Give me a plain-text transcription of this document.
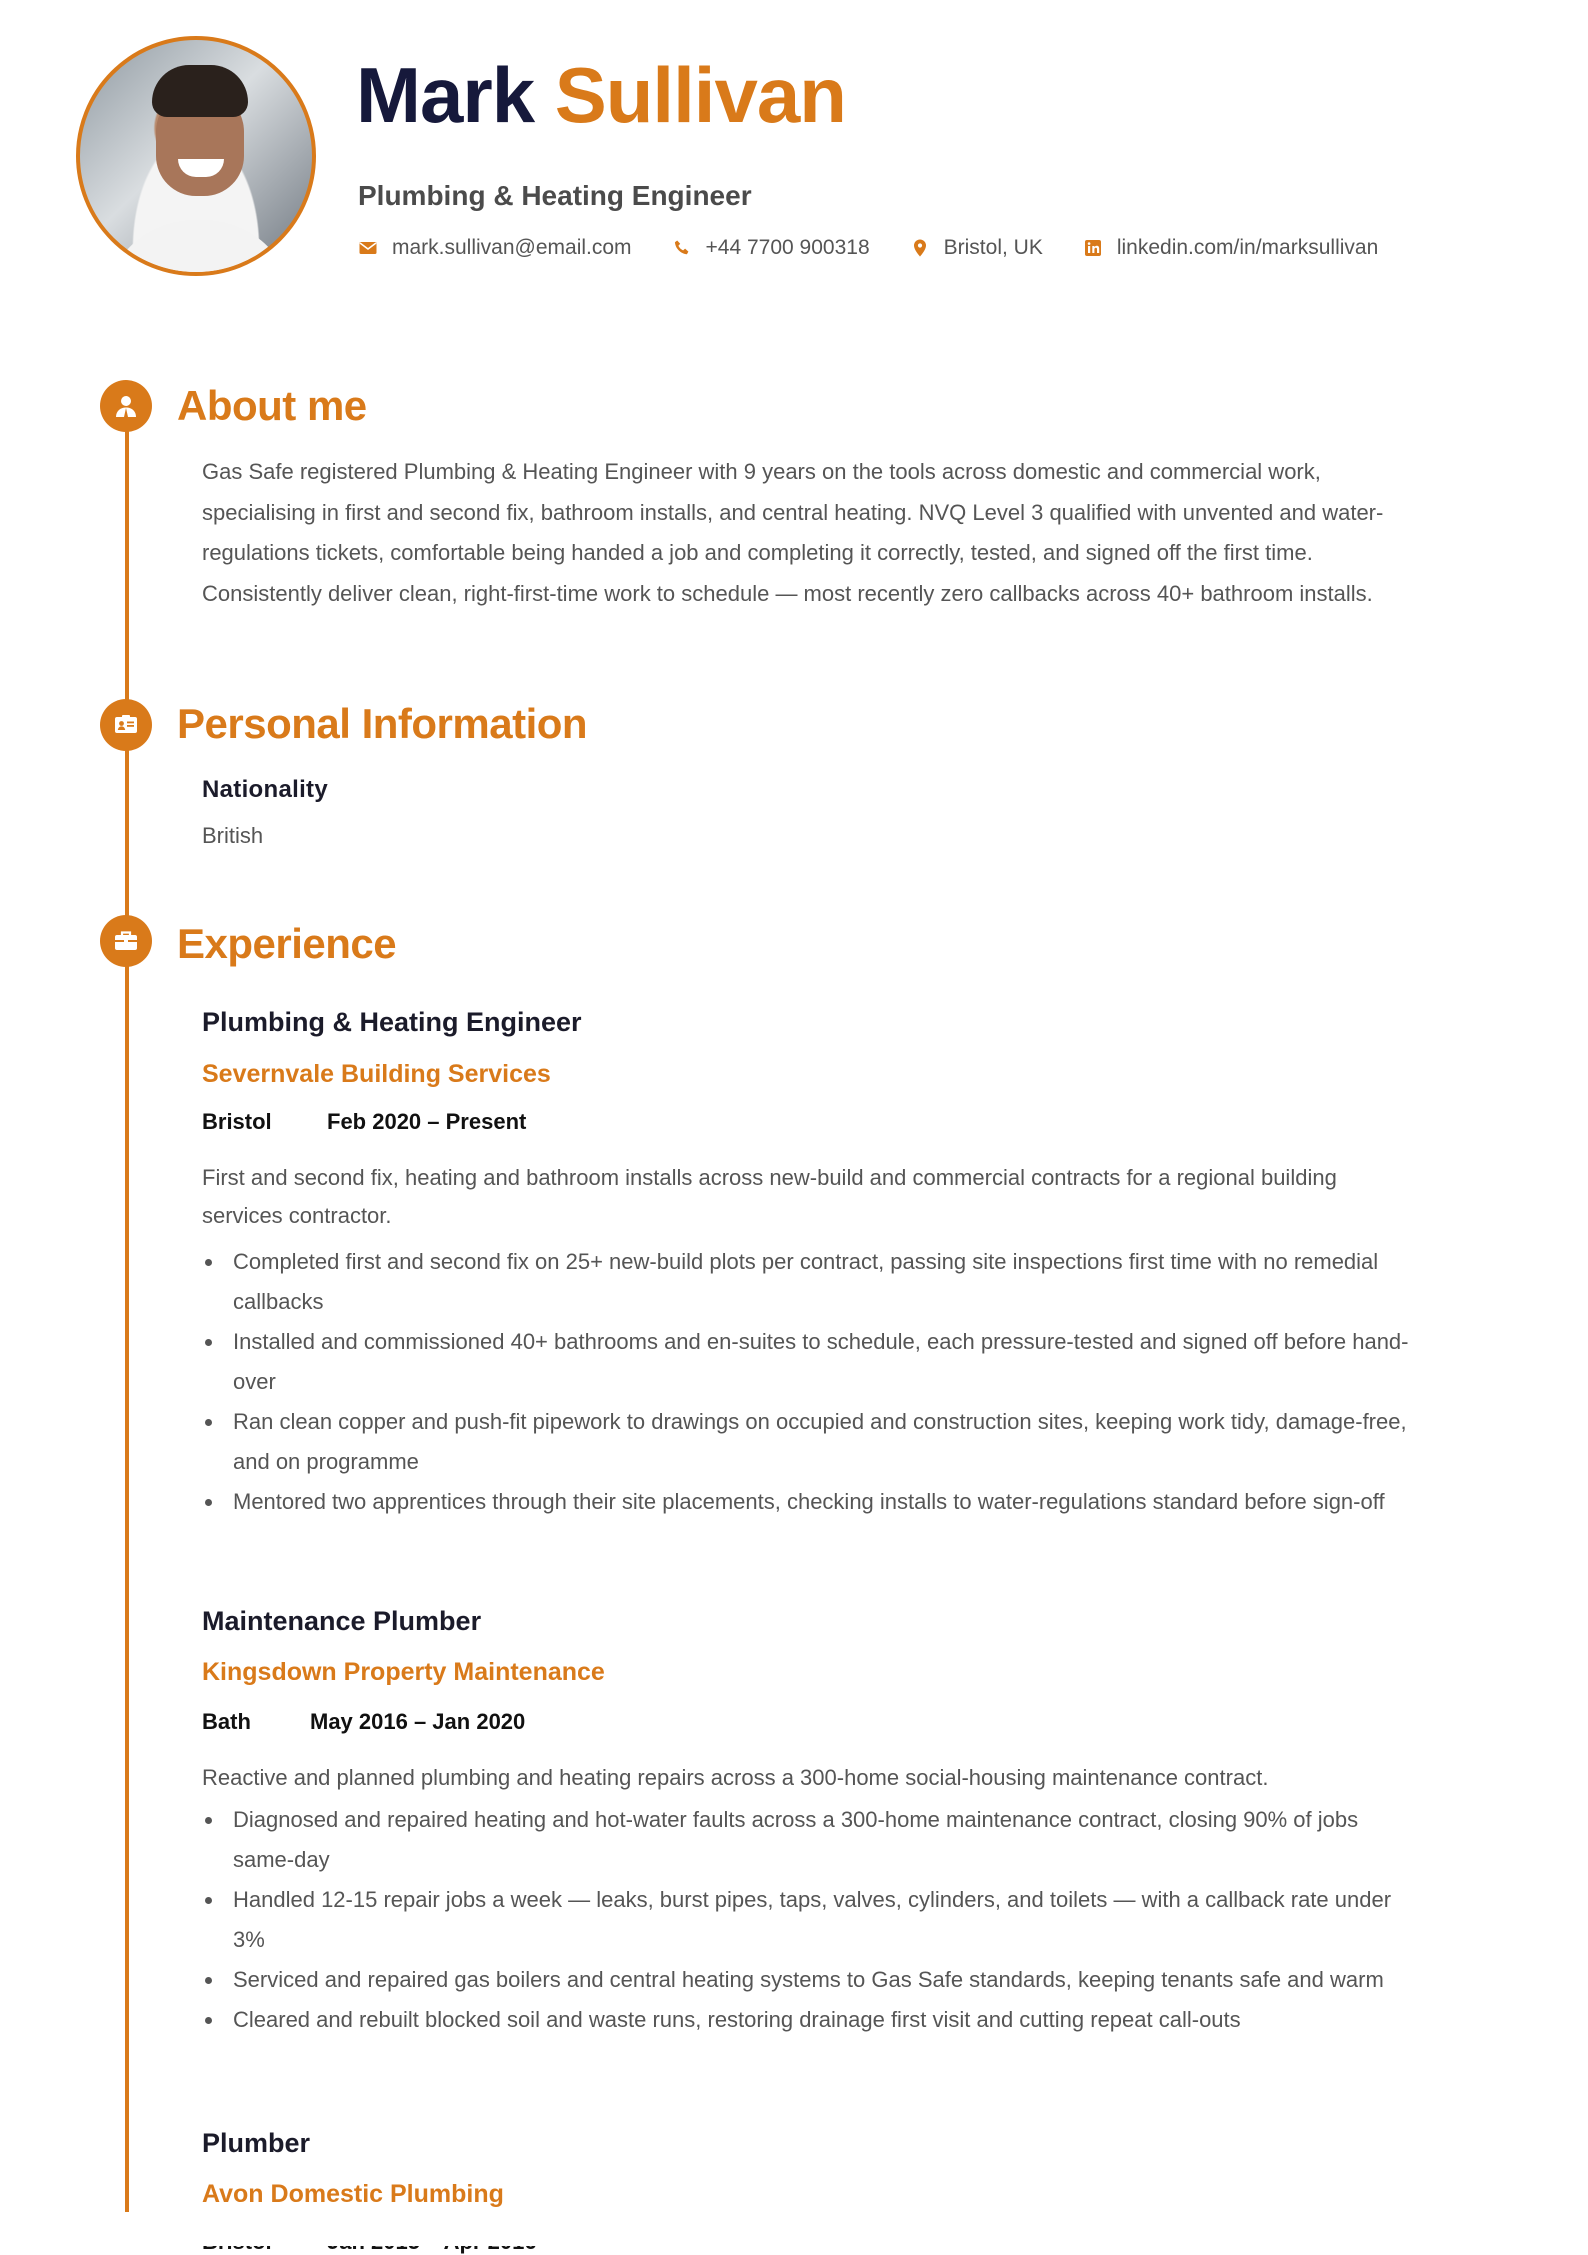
Mark Sullivan
Plumbing & Heating Engineer
mark.sullivan@email.com	+44 7700 900318	Bristol, UK	linkedin.com/in/marksullivan
About me

Gas Safe registered Plumbing & Heating Engineer with 9 years on the tools across domestic and commercial work, specialising in first and second fix, bathroom installs, and central heating. NVQ Level 3 qualified with unvented and water-regulations tickets, comfortable being handed a job and completing it correctly, tested, and signed off the first time. Consistently deliver clean, right-first-time work to schedule — most recently zero callbacks across 40+ bathroom installs.

Personal Information

Nationality

British

Experience

Plumbing & Heating Engineer

Severnvale Building Services

Bristol	Feb 2020 – Present

First and second fix, heating and bathroom installs across new-build and commercial contracts for a regional building services contractor.

Completed first and second fix on 25+ new-build plots per contract, passing site inspections first time with no remedial callbacks
Installed and commissioned 40+ bathrooms and en-suites to schedule, each pressure-tested and signed off before hand-over
Ran clean copper and push-fit pipework to drawings on occupied and construction sites, keeping work tidy, damage-free, and on programme
Mentored two apprentices through their site placements, checking installs to water-regulations standard before sign-off

Maintenance Plumber

Kingsdown Property Maintenance

Bath	May 2016 – Jan 2020

Reactive and planned plumbing and heating repairs across a 300-home social-housing maintenance contract.

Diagnosed and repaired heating and hot-water faults across a 300-home maintenance contract, closing 90% of jobs same-day
Handled 12-15 repair jobs a week — leaks, burst pipes, taps, valves, cylinders, and toilets — with a callback rate under 3%
Serviced and repaired gas boilers and central heating systems to Gas Safe standards, keeping tenants safe and warm
Cleared and rebuilt blocked soil and waste runs, restoring drainage first visit and cutting repeat call-outs

Plumber

Avon Domestic Plumbing
